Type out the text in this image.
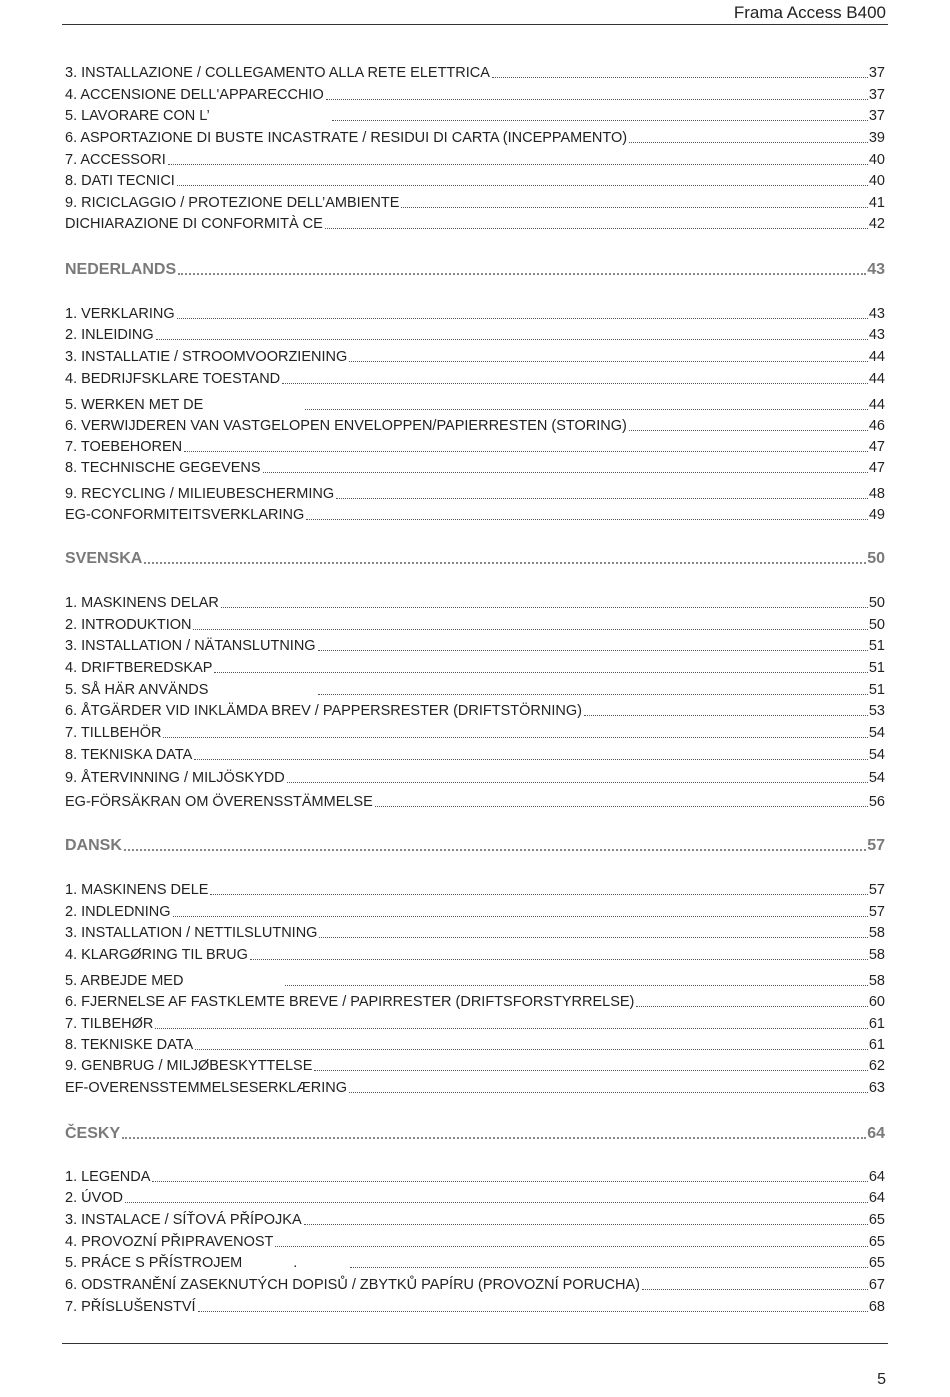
Frama Access B400
3. INSTALLAZIONE / COLLEGAMENTO ALLA RETE ELETTRICA	37
4. ACCENSIONE DELL'APPARECCHIO	37
5. LAVORARE CON L’	37
6. ASPORTAZIONE DI BUSTE INCASTRATE / RESIDUI DI CARTA (INCEPPAMENTO)	39
7. ACCESSORI	40
8. DATI TECNICI	40
9. RICICLAGGIO / PROTEZIONE DELL’AMBIENTE	41
DICHIARAZIONE DI CONFORMITÀ CE	42
NEDERLANDS	43
1. VERKLARING	43
2. INLEIDING	43
3. INSTALLATIE / STROOMVOORZIENING	44
4. BEDRIJFSKLARE TOESTAND	44
5. WERKEN MET DE	44
6. VERWIJDEREN VAN VASTGELOPEN ENVELOPPEN/PAPIERRESTEN (STORING)	46
7. TOEBEHOREN	47
8. TECHNISCHE GEGEVENS	47
9. RECYCLING / MILIEUBESCHERMING	48
EG-CONFORMITEITSVERKLARING	49
SVENSKA	50
1. MASKINENS DELAR	50
2. INTRODUKTION	50
3. INSTALLATION / NÄTANSLUTNING	51
4. DRIFTBEREDSKAP	51
5. SÅ HÄR ANVÄNDS	51
6. ÅTGÄRDER VID INKLÄMDA BREV / PAPPERSRESTER (DRIFTSTÖRNING)	53
7. TILLBEHÖR	54
8. TEKNISKA DATA	54
9. ÅTERVINNING / MILJÖSKYDD	54
EG-FÖRSÄKRAN OM ÖVERENSSTÄMMELSE	56
DANSK	57
1. MASKINENS DELE	57
2. INDLEDNING	57
3. INSTALLATION / NETTILSLUTNING	58
4. KLARGØRING TIL BRUG	58
5. ARBEJDE MED	58
6. FJERNELSE AF FASTKLEMTE BREVE / PAPIRRESTER (DRIFTSFORSTYRRELSE)	60
7. TILBEHØR	61
8. TEKNISKE DATA	61
9. GENBRUG / MILJØBESKYTTELSE	62
EF-OVERENSSTEMMELSESERKLÆRING	63
ČESKY	64
1. LEGENDA	64
2. ÚVOD	64
3. INSTALACE / SÍŤOVÁ PŘÍPOJKA	65
4. PROVOZNÍ PŘIPRAVENOST	65
5. PRÁCE S PŘÍSTROJEM	.	65
6. ODSTRANĚNÍ ZASEKNUTÝCH DOPISŮ / ZBYTKŮ PAPÍRU (PROVOZNÍ PORUCHA)	67
7. PŘÍSLUŠENSTVÍ	68
5
